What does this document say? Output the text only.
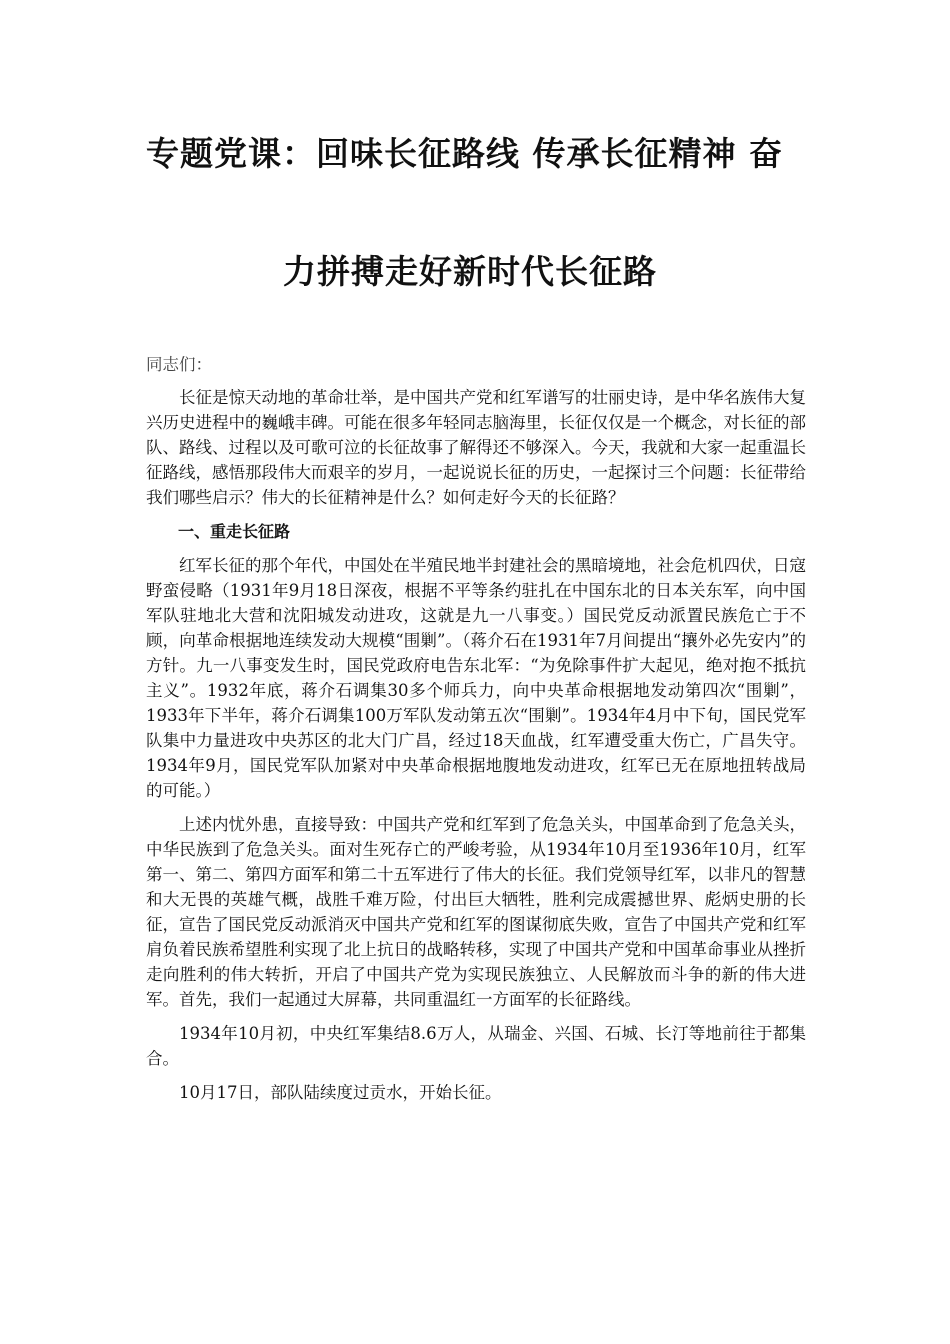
专题党课：回味长征路线 传承长征精神 奋
力拼搏走好新时代长征路

同志们：

长征是惊天动地的革命壮举，是中国共产党和红军谱写的壮丽史诗，是中华名族伟大复兴历史进程中的巍峨丰碑。可能在很多年轻同志脑海里，长征仅仅是一个概念，对长征的部队、路线、过程以及可歌可泣的长征故事了解得还不够深入。今天，我就和大家一起重温长征路线，感悟那段伟大而艰辛的岁月，一起说说长征的历史，一起探讨三个问题：长征带给我们哪些启示？伟大的长征精神是什么？如何走好今天的长征路？

一、重走长征路

红军长征的那个年代，中国处在半殖民地半封建社会的黑暗境地，社会危机四伏，日寇野蛮侵略（1931年9月18日深夜，根据不平等条约驻扎在中国东北的日本关东军，向中国军队驻地北大营和沈阳城发动进攻，这就是九一八事变。）国民党反动派置民族危亡于不顾，向革命根据地连续发动大规模“围剿”。（蒋介石在1931年7月间提出“攘外必先安内”的方针。九一八事变发生时，国民党政府电告东北军：“为免除事件扩大起见，绝对抱不抵抗主义”。1932年底，蒋介石调集30多个师兵力，向中央革命根据地发动第四次“围剿”，1933年下半年，蒋介石调集100万军队发动第五次“围剿”。1934年4月中下旬，国民党军队集中力量进攻中央苏区的北大门广昌，经过18天血战，红军遭受重大伤亡，广昌失守。1934年9月，国民党军队加紧对中央革命根据地腹地发动进攻，红军已无在原地扭转战局的可能。）

上述内忧外患，直接导致：中国共产党和红军到了危急关头，中国革命到了危急关头，中华民族到了危急关头。面对生死存亡的严峻考验，从1934年10月至1936年10月，红军第一、第二、第四方面军和第二十五军进行了伟大的长征。我们党领导红军，以非凡的智慧和大无畏的英雄气概，战胜千难万险，付出巨大牺牲，胜利完成震撼世界、彪炳史册的长征，宣告了国民党反动派消灭中国共产党和红军的图谋彻底失败，宣告了中国共产党和红军肩负着民族希望胜利实现了北上抗日的战略转移，实现了中国共产党和中国革命事业从挫折走向胜利的伟大转折，开启了中国共产党为实现民族独立、人民解放而斗争的新的伟大进军。首先，我们一起通过大屏幕，共同重温红一方面军的长征路线。

1934年10月初，中央红军集结8.6万人，从瑞金、兴国、石城、长汀等地前往于都集合。

10月17日，部队陆续度过贡水，开始长征。
